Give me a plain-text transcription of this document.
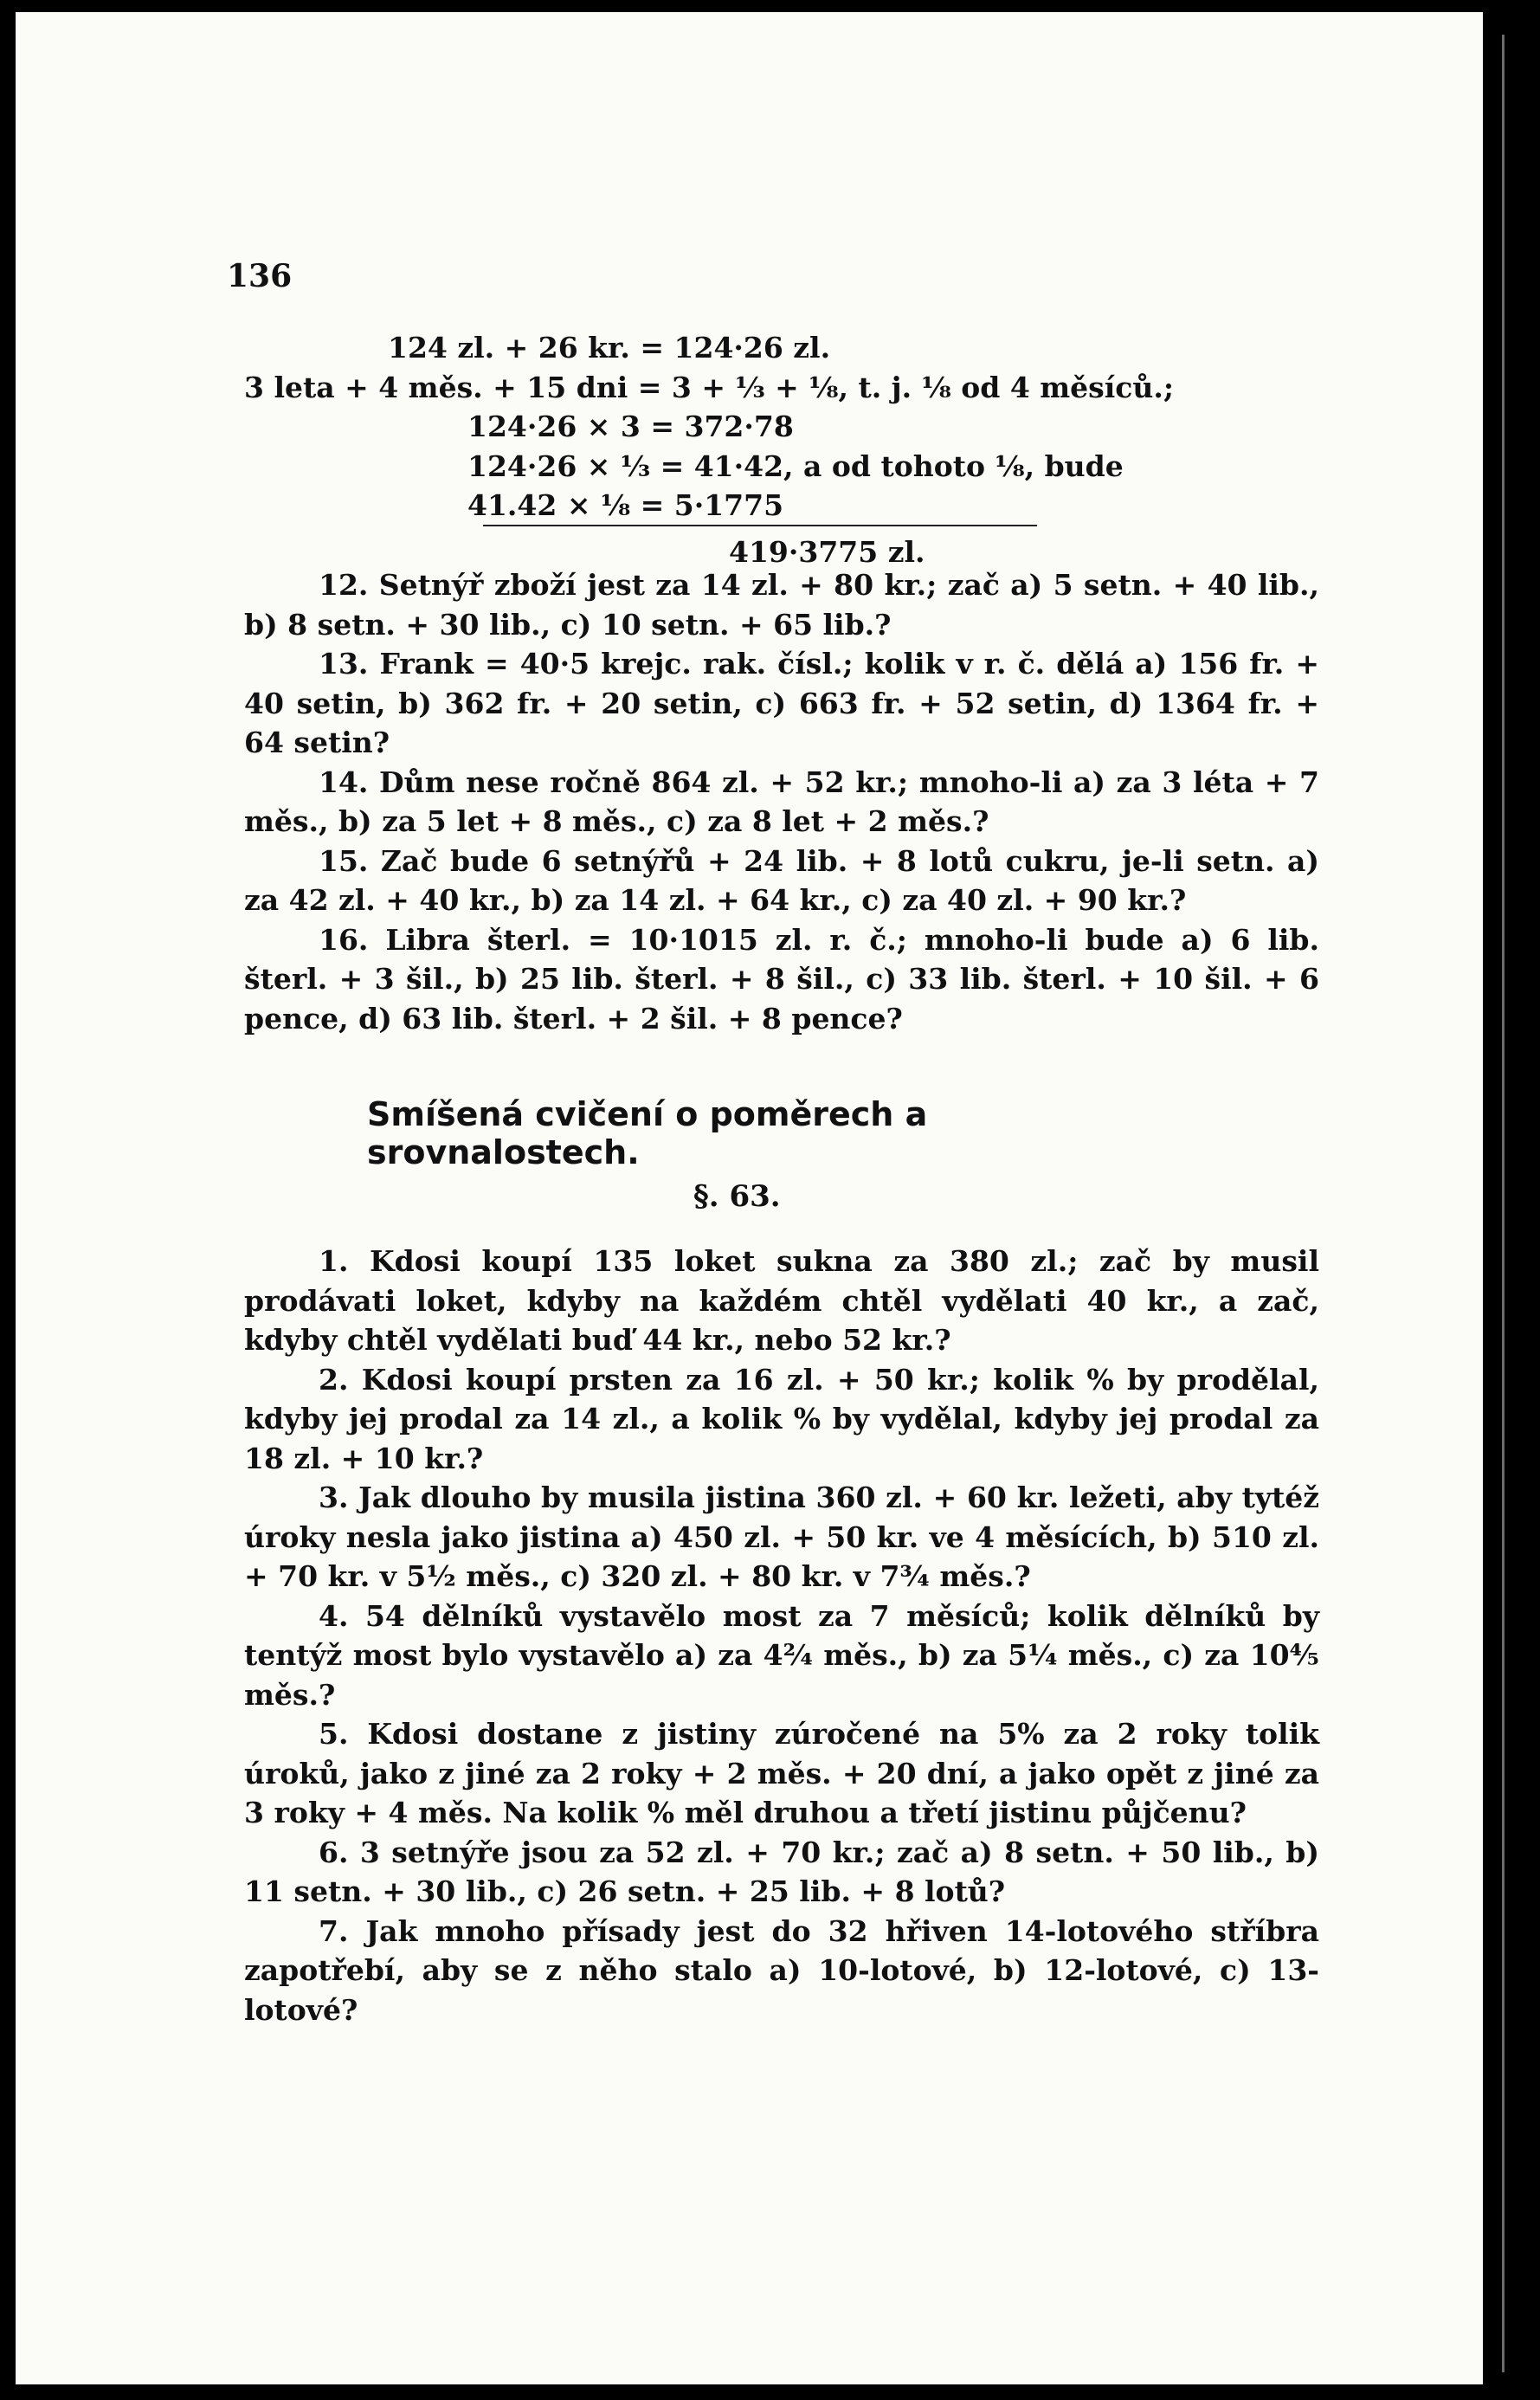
136
124 zl. + 26 kr. = 124·26 zl.
3 leta + 4 měs. + 15 dni = 3 + ⅓ + ⅛, t. j. ⅛ od 4 měsíců.;
124·26 × 3 = 372·78
124·26 × ⅓ = 41·42, a od tohoto ⅛, bude
41.42 × ⅛ = 5·1775
419·3775 zl.
12. Setnýř zboží jest za 14 zl. + 80 kr.; zač a) 5 setn. + 40 lib., b) 8 setn. + 30 lib., c) 10 setn. + 65 lib.?
13. Frank = 40·5 krejc. rak. čísl.; kolik v r. č. dělá a) 156 fr. + 40 setin, b) 362 fr. + 20 setin, c) 663 fr. + 52 setin, d) 1364 fr. + 64 setin?
14. Dům nese ročně 864 zl. + 52 kr.; mnoho-li a) za 3 léta + 7 měs., b) za 5 let + 8 měs., c) za 8 let + 2 měs.?
15. Zač bude 6 setnýřů + 24 lib. + 8 lotů cukru, je-li setn. a) za 42 zl. + 40 kr., b) za 14 zl. + 64 kr., c) za 40 zl. + 90 kr.?
16. Libra šterl. = 10·1015 zl. r. č.; mnoho-li bude a) 6 lib. šterl. + 3 šil., b) 25 lib. šterl. + 8 šil., c) 33 lib. šterl. + 10 šil. + 6 pence, d) 63 lib. šterl. + 2 šil. + 8 pence?
Smíšená cvičení o poměrech a srovnalostech.
§. 63.
1. Kdosi koupí 135 loket sukna za 380 zl.; zač by musil prodávati loket, kdyby na každém chtěl vydělati 40 kr., a zač, kdyby chtěl vydělati buď 44 kr., nebo 52 kr.?
2. Kdosi koupí prsten za 16 zl. + 50 kr.; kolik % by prodělal, kdyby jej prodal za 14 zl., a kolik % by vydělal, kdyby jej prodal za 18 zl. + 10 kr.?
3. Jak dlouho by musila jistina 360 zl. + 60 kr. ležeti, aby tytéž úroky nesla jako jistina a) 450 zl. + 50 kr. ve 4 měsících, b) 510 zl. + 70 kr. v 5½ měs., c) 320 zl. + 80 kr. v 7¾ měs.?
4. 54 dělníků vystavělo most za 7 měsíců; kolik dělníků by tentýž most bylo vystavělo a) za 4²⁄₄ měs., b) za 5¼ měs., c) za 10⁴⁄₅ měs.?
5. Kdosi dostane z jistiny zúročené na 5% za 2 roky tolik úroků, jako z jiné za 2 roky + 2 měs. + 20 dní, a jako opět z jiné za 3 roky + 4 měs. Na kolik % měl druhou a třetí jistinu půjčenu?
6. 3 setnýře jsou za 52 zl. + 70 kr.; zač a) 8 setn. + 50 lib., b) 11 setn. + 30 lib., c) 26 setn. + 25 lib. + 8 lotů?
7. Jak mnoho přísady jest do 32 hřiven 14-lotového stříbra zapotřebí, aby se z něho stalo a) 10-lotové, b) 12-lotové, c) 13-lotové?
